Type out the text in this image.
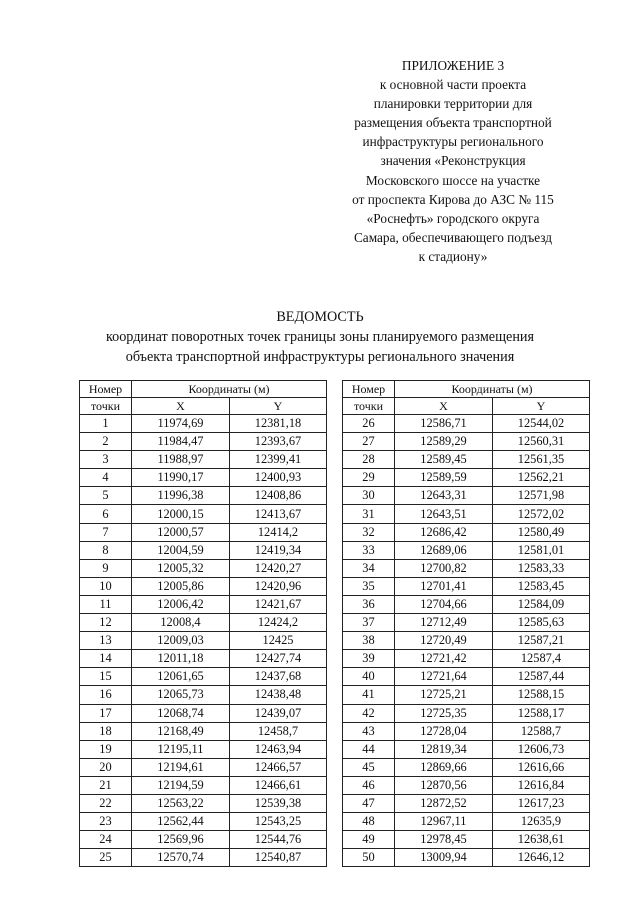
ПРИЛОЖЕНИЕ 3
к основной части проекта
планировки территории для
размещения объекта транспортной
инфраструктуры регионального
значения «Реконструкция
Московского шоссе на участке
от проспекта Кирова до АЗС № 115
«Роснефть» городского округа
Самара, обеспечивающего подъезд
к стадиону»
ВЕДОМОСТЬ
координат поворотных точек границы зоны планируемого размещения
объекта транспортной инфраструктуры регионального значения
Номер	Координаты (м)	
точки	X	Y
1	11974,69	12381,18
2	11984,47	12393,67
3	11988,97	12399,41
4	11990,17	12400,93
5	11996,38	12408,86
6	12000,15	12413,67
7	12000,57	12414,2
8	12004,59	12419,34
9	12005,32	12420,27
10	12005,86	12420,96
11	12006,42	12421,67
12	12008,4	12424,2
13	12009,03	12425
14	12011,18	12427,74
15	12061,65	12437,68
16	12065,73	12438,48
17	12068,74	12439,07
18	12168,49	12458,7
19	12195,11	12463,94
20	12194,61	12466,57
21	12194,59	12466,61
22	12563,22	12539,38
23	12562,44	12543,25
24	12569,96	12544,76
25	12570,74	12540,87
Номер	Координаты (м)	
точки	X	Y
26	12586,71	12544,02
27	12589,29	12560,31
28	12589,45	12561,35
29	12589,59	12562,21
30	12643,31	12571,98
31	12643,51	12572,02
32	12686,42	12580,49
33	12689,06	12581,01
34	12700,82	12583,33
35	12701,41	12583,45
36	12704,66	12584,09
37	12712,49	12585,63
38	12720,49	12587,21
39	12721,42	12587,4
40	12721,64	12587,44
41	12725,21	12588,15
42	12725,35	12588,17
43	12728,04	12588,7
44	12819,34	12606,73
45	12869,66	12616,66
46	12870,56	12616,84
47	12872,52	12617,23
48	12967,11	12635,9
49	12978,45	12638,61
50	13009,94	12646,12
